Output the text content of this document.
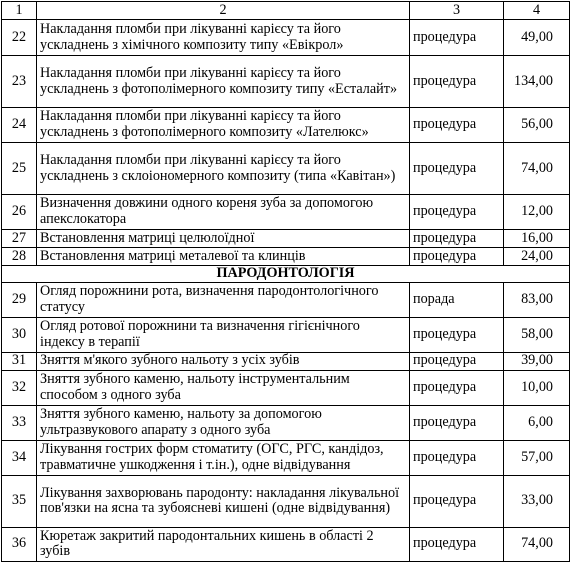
1	2	3	4
22	Накладання пломби при лікуванні карієсу та його ускладнень з хімічного композиту типу «Евікрол»	процедура	49,00
23	Накладання пломби при лікуванні карієсу та його ускладнень з фотополімерного композиту типу «Есталайт»	процедура	134,00
24	Накладання пломби при лікуванні карієсу та його ускладнень з фотополімерного композиту «Лателюкс»	процедура	56,00
25	Накладання пломби при лікуванні карієсу та його ускладнень з склоіономерного композиту (типа «Кавітан»)	процедура	74,00
26	Визначення довжини одного кореня зуба за допомогою апекслокатора	процедура	12,00
27	Встановлення матриці целюлоїдної	процедура	16,00
28	Встановлення матриці металевої та клинців	процедура	24,00
ПАРОДОНТОЛОГІЯ			
29	Огляд порожнини рота, визначення пародонтологічного статусу	порада	83,00
30	Огляд ротової порожнини та визначення гігієнічного індексу в терапії	процедура	58,00
31	Зняття м'якого зубного нальоту з усіх зубів	процедура	39,00
32	Зняття зубного каменю, нальоту інструментальним способом з одного зуба	процедура	10,00
33	Зняття зубного каменю, нальоту за допомогою ультразвукового апарату з одного зуба	процедура	6,00
34	Лікування гострих форм стоматиту (ОГС, РГС, кандідоз, травматичне ушкодження і т.ін.), одне відвідування	процедура	57,00
35	Лікування захворювань пародонту: накладання лікувальної пов'язки на ясна та зубоясневі кишені (одне відвідування)	процедура	33,00
36	Кюретаж закритий пародонтальних кишень в області 2 зубів	процедура	74,00
